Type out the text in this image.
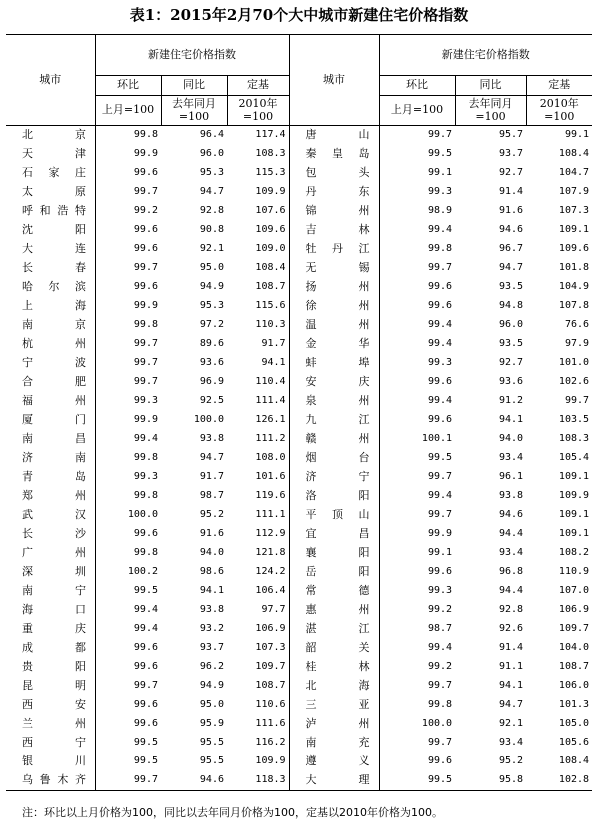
表1：2015年2月70个大中城市新建住宅价格指数
城市	新建住宅价格指数			城市	新建住宅价格指数		
	环比	同比	定基		环比	同比	定基
	上月=100	去年同月=100	2010年=100		上月=100	去年同月=100	2010年=100

北京	99.8	96.4	117.4	唐山	99.7	95.7	99.1

天津	99.9	96.0	108.3	秦皇岛	99.5	93.7	108.4

石家庄	99.6	95.3	115.3	包头	99.1	92.7	104.7

太原	99.7	94.7	109.9	丹东	99.3	91.4	107.9

呼和浩特	99.2	92.8	107.6	锦州	98.9	91.6	107.3

沈阳	99.6	90.8	109.6	吉林	99.4	94.6	109.1

大连	99.6	92.1	109.0	牡丹江	99.8	96.7	109.6

长春	99.7	95.0	108.4	无锡	99.7	94.7	101.8

哈尔滨	99.6	94.9	108.7	扬州	99.6	93.5	104.9

上海	99.9	95.3	115.6	徐州	99.6	94.8	107.8

南京	99.8	97.2	110.3	温州	99.4	96.0	76.6

杭州	99.7	89.6	91.7	金华	99.4	93.5	97.9

宁波	99.7	93.6	94.1	蚌埠	99.3	92.7	101.0

合肥	99.7	96.9	110.4	安庆	99.6	93.6	102.6

福州	99.3	92.5	111.4	泉州	99.4	91.2	99.7

厦门	99.9	100.0	126.1	九江	99.6	94.1	103.5

南昌	99.4	93.8	111.2	赣州	100.1	94.0	108.3

济南	99.8	94.7	108.0	烟台	99.5	93.4	105.4

青岛	99.3	91.7	101.6	济宁	99.7	96.1	109.1

郑州	99.8	98.7	119.6	洛阳	99.4	93.8	109.9

武汉	100.0	95.2	111.1	平顶山	99.7	94.6	109.1

长沙	99.6	91.6	112.9	宜昌	99.9	94.4	109.1

广州	99.8	94.0	121.8	襄阳	99.1	93.4	108.2

深圳	100.2	98.6	124.2	岳阳	99.6	96.8	110.9

南宁	99.5	94.1	106.4	常德	99.3	94.4	107.0

海口	99.4	93.8	97.7	惠州	99.2	92.8	106.9

重庆	99.4	93.2	106.9	湛江	98.7	92.6	109.7

成都	99.6	93.7	107.3	韶关	99.4	91.4	104.0

贵阳	99.6	96.2	109.7	桂林	99.2	91.1	108.7

昆明	99.7	94.9	108.7	北海	99.7	94.1	106.0

西安	99.6	95.0	110.6	三亚	99.8	94.7	101.3

兰州	99.6	95.9	111.6	泸州	100.0	92.1	105.0

西宁	99.5	95.5	116.2	南充	99.7	93.4	105.6

银川	99.5	95.5	109.9	遵义	99.6	95.2	108.4

乌鲁木齐	99.7	94.6	118.3	大理	99.5	95.8	102.8
注：环比以上月价格为100，同比以去年同月价格为100，定基以2010年价格为100。
